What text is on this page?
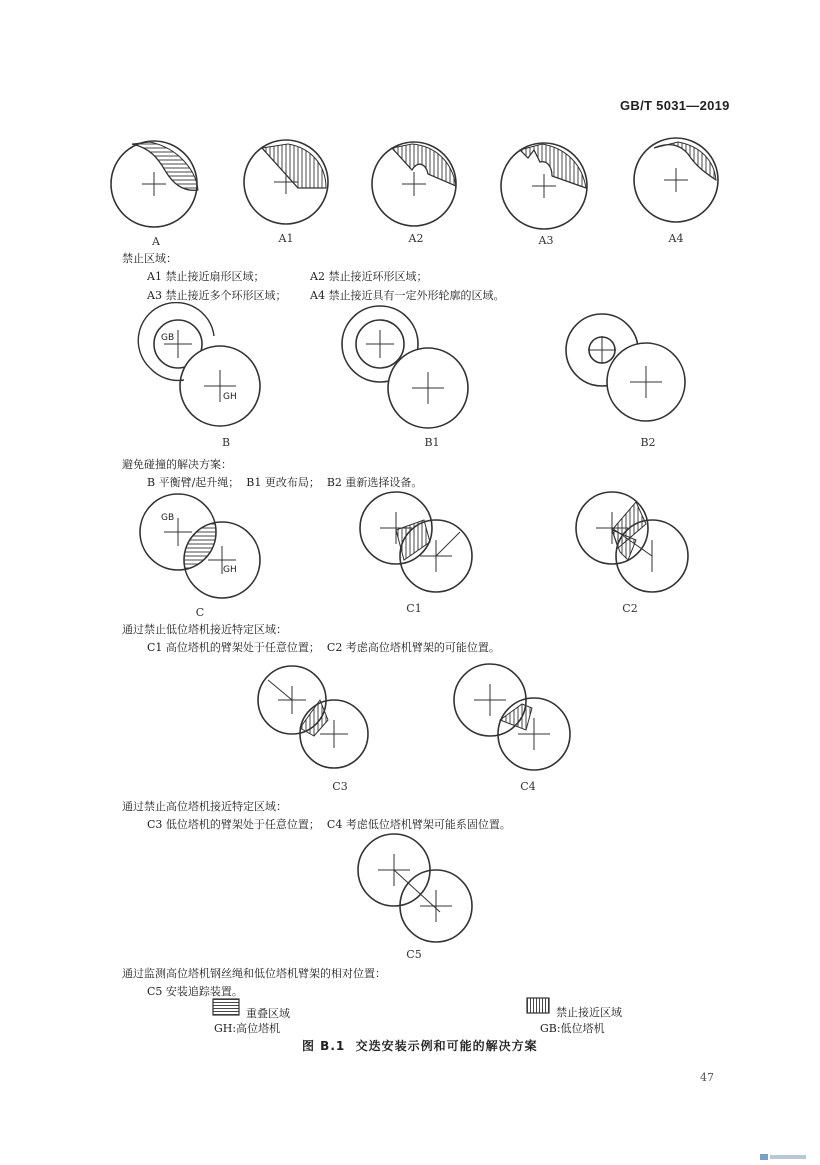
GB/T 5031—2019
A	A1	A2	A3	A4
禁止区域：
A1 禁止接近扇形区域；	A2 禁止接近环形区域；
A3 禁止接近多个环形区域； A4 禁止接近具有一定外形轮廓的区域。
GB
GH
B	B1	B2
避免碰撞的解决方案：
B 平衡臂/起升绳；  B1 更改布局；  B2 重新选择设备。
GB
GH
C	C1	C2
通过禁止低位塔机接近特定区域：
C1 高位塔机的臂架处于任意位置；  C2 考虑高位塔机臂架的可能位置。
C3	C4
通过禁止高位塔机接近特定区域：
C3 低位塔机的臂架处于任意位置；  C4 考虑低位塔机臂架可能系固位置。
C5
通过监测高位塔机钢丝绳和低位塔机臂架的相对位置：
C5 安装追踪装置。
重叠区域
GH:高位塔机
禁止接近区域
GB:低位塔机
图 B.1  交迭安装示例和可能的解决方案
47
